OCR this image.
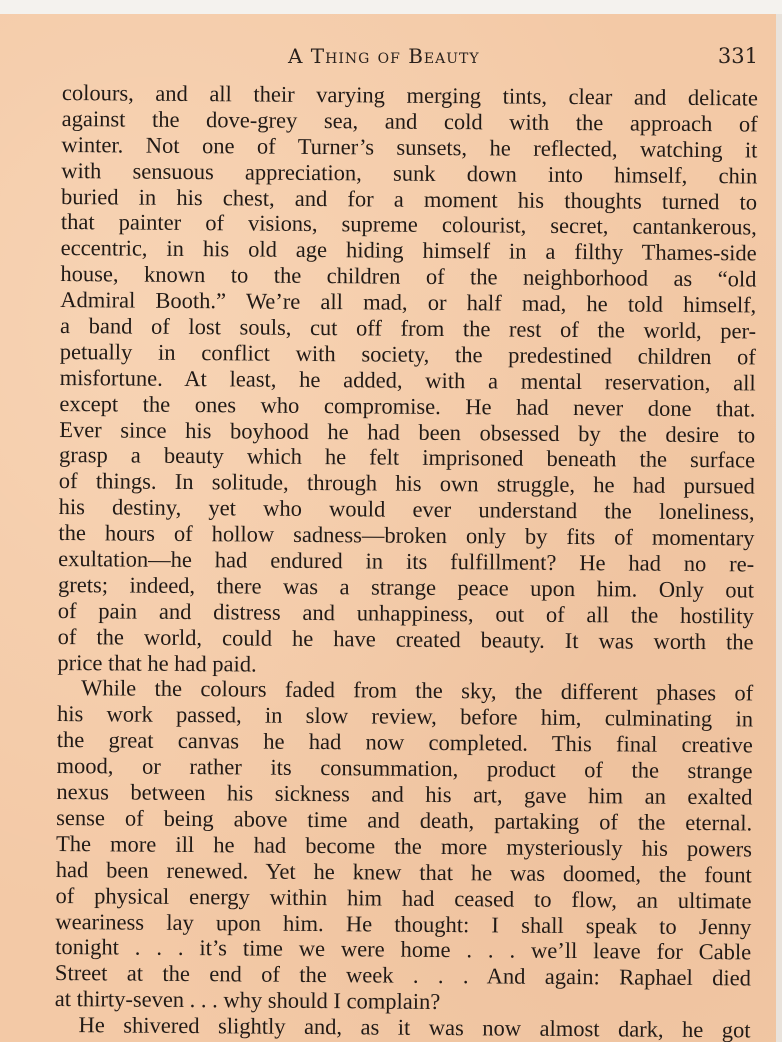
A Thing of Beauty	331
colours, and all their varying merging tints, clear and delicate
against the dove-grey sea, and cold with the approach of
winter. Not one of Turner’s sunsets, he reflected, watching it
with sensuous appreciation, sunk down into himself, chin
buried in his chest, and for a moment his thoughts turned to
that painter of visions, supreme colourist, secret, cantankerous,
eccentric, in his old age hiding himself in a filthy Thames-side
house, known to the children of the neighborhood as “old
Admiral Booth.” We’re all mad, or half mad, he told himself,
a band of lost souls, cut off from the rest of the world, per-
petually in conflict with society, the predestined children of
misfortune. At least, he added, with a mental reservation, all
except the ones who compromise. He had never done that.
Ever since his boyhood he had been obsessed by the desire to
grasp a beauty which he felt imprisoned beneath the surface
of things. In solitude, through his own struggle, he had pursued
his destiny, yet who would ever understand the loneliness,
the hours of hollow sadness—broken only by fits of momentary
exultation—he had endured in its fulfillment? He had no re-
grets; indeed, there was a strange peace upon him. Only out
of pain and distress and unhappiness, out of all the hostility
of the world, could he have created beauty. It was worth the
price that he had paid.
While the colours faded from the sky, the different phases of
his work passed, in slow review, before him, culminating in
the great canvas he had now completed. This final creative
mood, or rather its consummation, product of the strange
nexus between his sickness and his art, gave him an exalted
sense of being above time and death, partaking of the eternal.
The more ill he had become the more mysteriously his powers
had been renewed. Yet he knew that he was doomed, the fount
of physical energy within him had ceased to flow, an ultimate
weariness lay upon him. He thought: I shall speak to Jenny
tonight . . . it’s time we were home . . . we’ll leave for Cable
Street at the end of the week . . . And again: Raphael died
at thirty-seven . . . why should I complain?
He shivered slightly and, as it was now almost dark, he got
